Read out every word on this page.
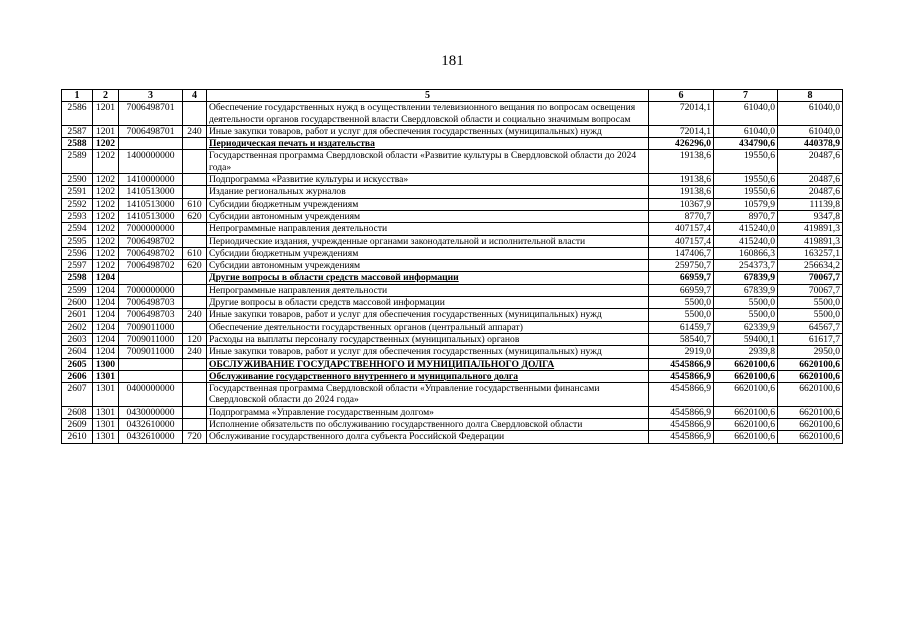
181
1	2	3	4	5	6	7	8
2586	1201	7006498701		Обеспечение государственных нужд в осуществлении телевизионного вещания по вопросам освещения деятельности органов государственной власти Свердловской области и социально значимым вопросам	72014,1	61040,0	61040,0
2587	1201	7006498701	240	Иные закупки товаров, работ и услуг для обеспечения государственных (муниципальных) нужд	72014,1	61040,0	61040,0
2588	1202			Периодическая печать и издательства	426296,0	434790,6	440378,9
2589	1202	1400000000		Государственная программа Свердловской области «Развитие культуры в Свердловской области до 2024 года»	19138,6	19550,6	20487,6
2590	1202	1410000000		Подпрограмма «Развитие культуры и искусства»	19138,6	19550,6	20487,6
2591	1202	1410513000		Издание региональных журналов	19138,6	19550,6	20487,6
2592	1202	1410513000	610	Субсидии бюджетным учреждениям	10367,9	10579,9	11139,8
2593	1202	1410513000	620	Субсидии автономным учреждениям	8770,7	8970,7	9347,8
2594	1202	7000000000		Непрограммные направления деятельности	407157,4	415240,0	419891,3
2595	1202	7006498702		Периодические издания, учрежденные органами законодательной и исполнительной власти	407157,4	415240,0	419891,3
2596	1202	7006498702	610	Субсидии бюджетным учреждениям	147406,7	160866,3	163257,1
2597	1202	7006498702	620	Субсидии автономным учреждениям	259750,7	254373,7	256634,2
2598	1204			Другие вопросы в области средств массовой информации	66959,7	67839,9	70067,7
2599	1204	7000000000		Непрограммные направления деятельности	66959,7	67839,9	70067,7
2600	1204	7006498703		Другие вопросы в области средств массовой информации	5500,0	5500,0	5500,0
2601	1204	7006498703	240	Иные закупки товаров, работ и услуг для обеспечения государственных (муниципальных) нужд	5500,0	5500,0	5500,0
2602	1204	7009011000		Обеспечение деятельности государственных органов (центральный аппарат)	61459,7	62339,9	64567,7
2603	1204	7009011000	120	Расходы на выплаты персоналу государственных (муниципальных) органов	58540,7	59400,1	61617,7
2604	1204	7009011000	240	Иные закупки товаров, работ и услуг для обеспечения государственных (муниципальных) нужд	2919,0	2939,8	2950,0
2605	1300			ОБСЛУЖИВАНИЕ ГОСУДАРСТВЕННОГО И МУНИЦИПАЛЬНОГО ДОЛГА	4545866,9	6620100,6	6620100,6
2606	1301			Обслуживание государственного внутреннего и муниципального долга	4545866,9	6620100,6	6620100,6
2607	1301	0400000000		Государственная программа Свердловской области «Управление государственными финансами Свердловской области до 2024 года»	4545866,9	6620100,6	6620100,6
2608	1301	0430000000		Подпрограмма «Управление государственным долгом»	4545866,9	6620100,6	6620100,6
2609	1301	0432610000		Исполнение обязательств по обслуживанию государственного долга Свердловской области	4545866,9	6620100,6	6620100,6
2610	1301	0432610000	720	Обслуживание государственного долга субъекта Российской Федерации	4545866,9	6620100,6	6620100,6
